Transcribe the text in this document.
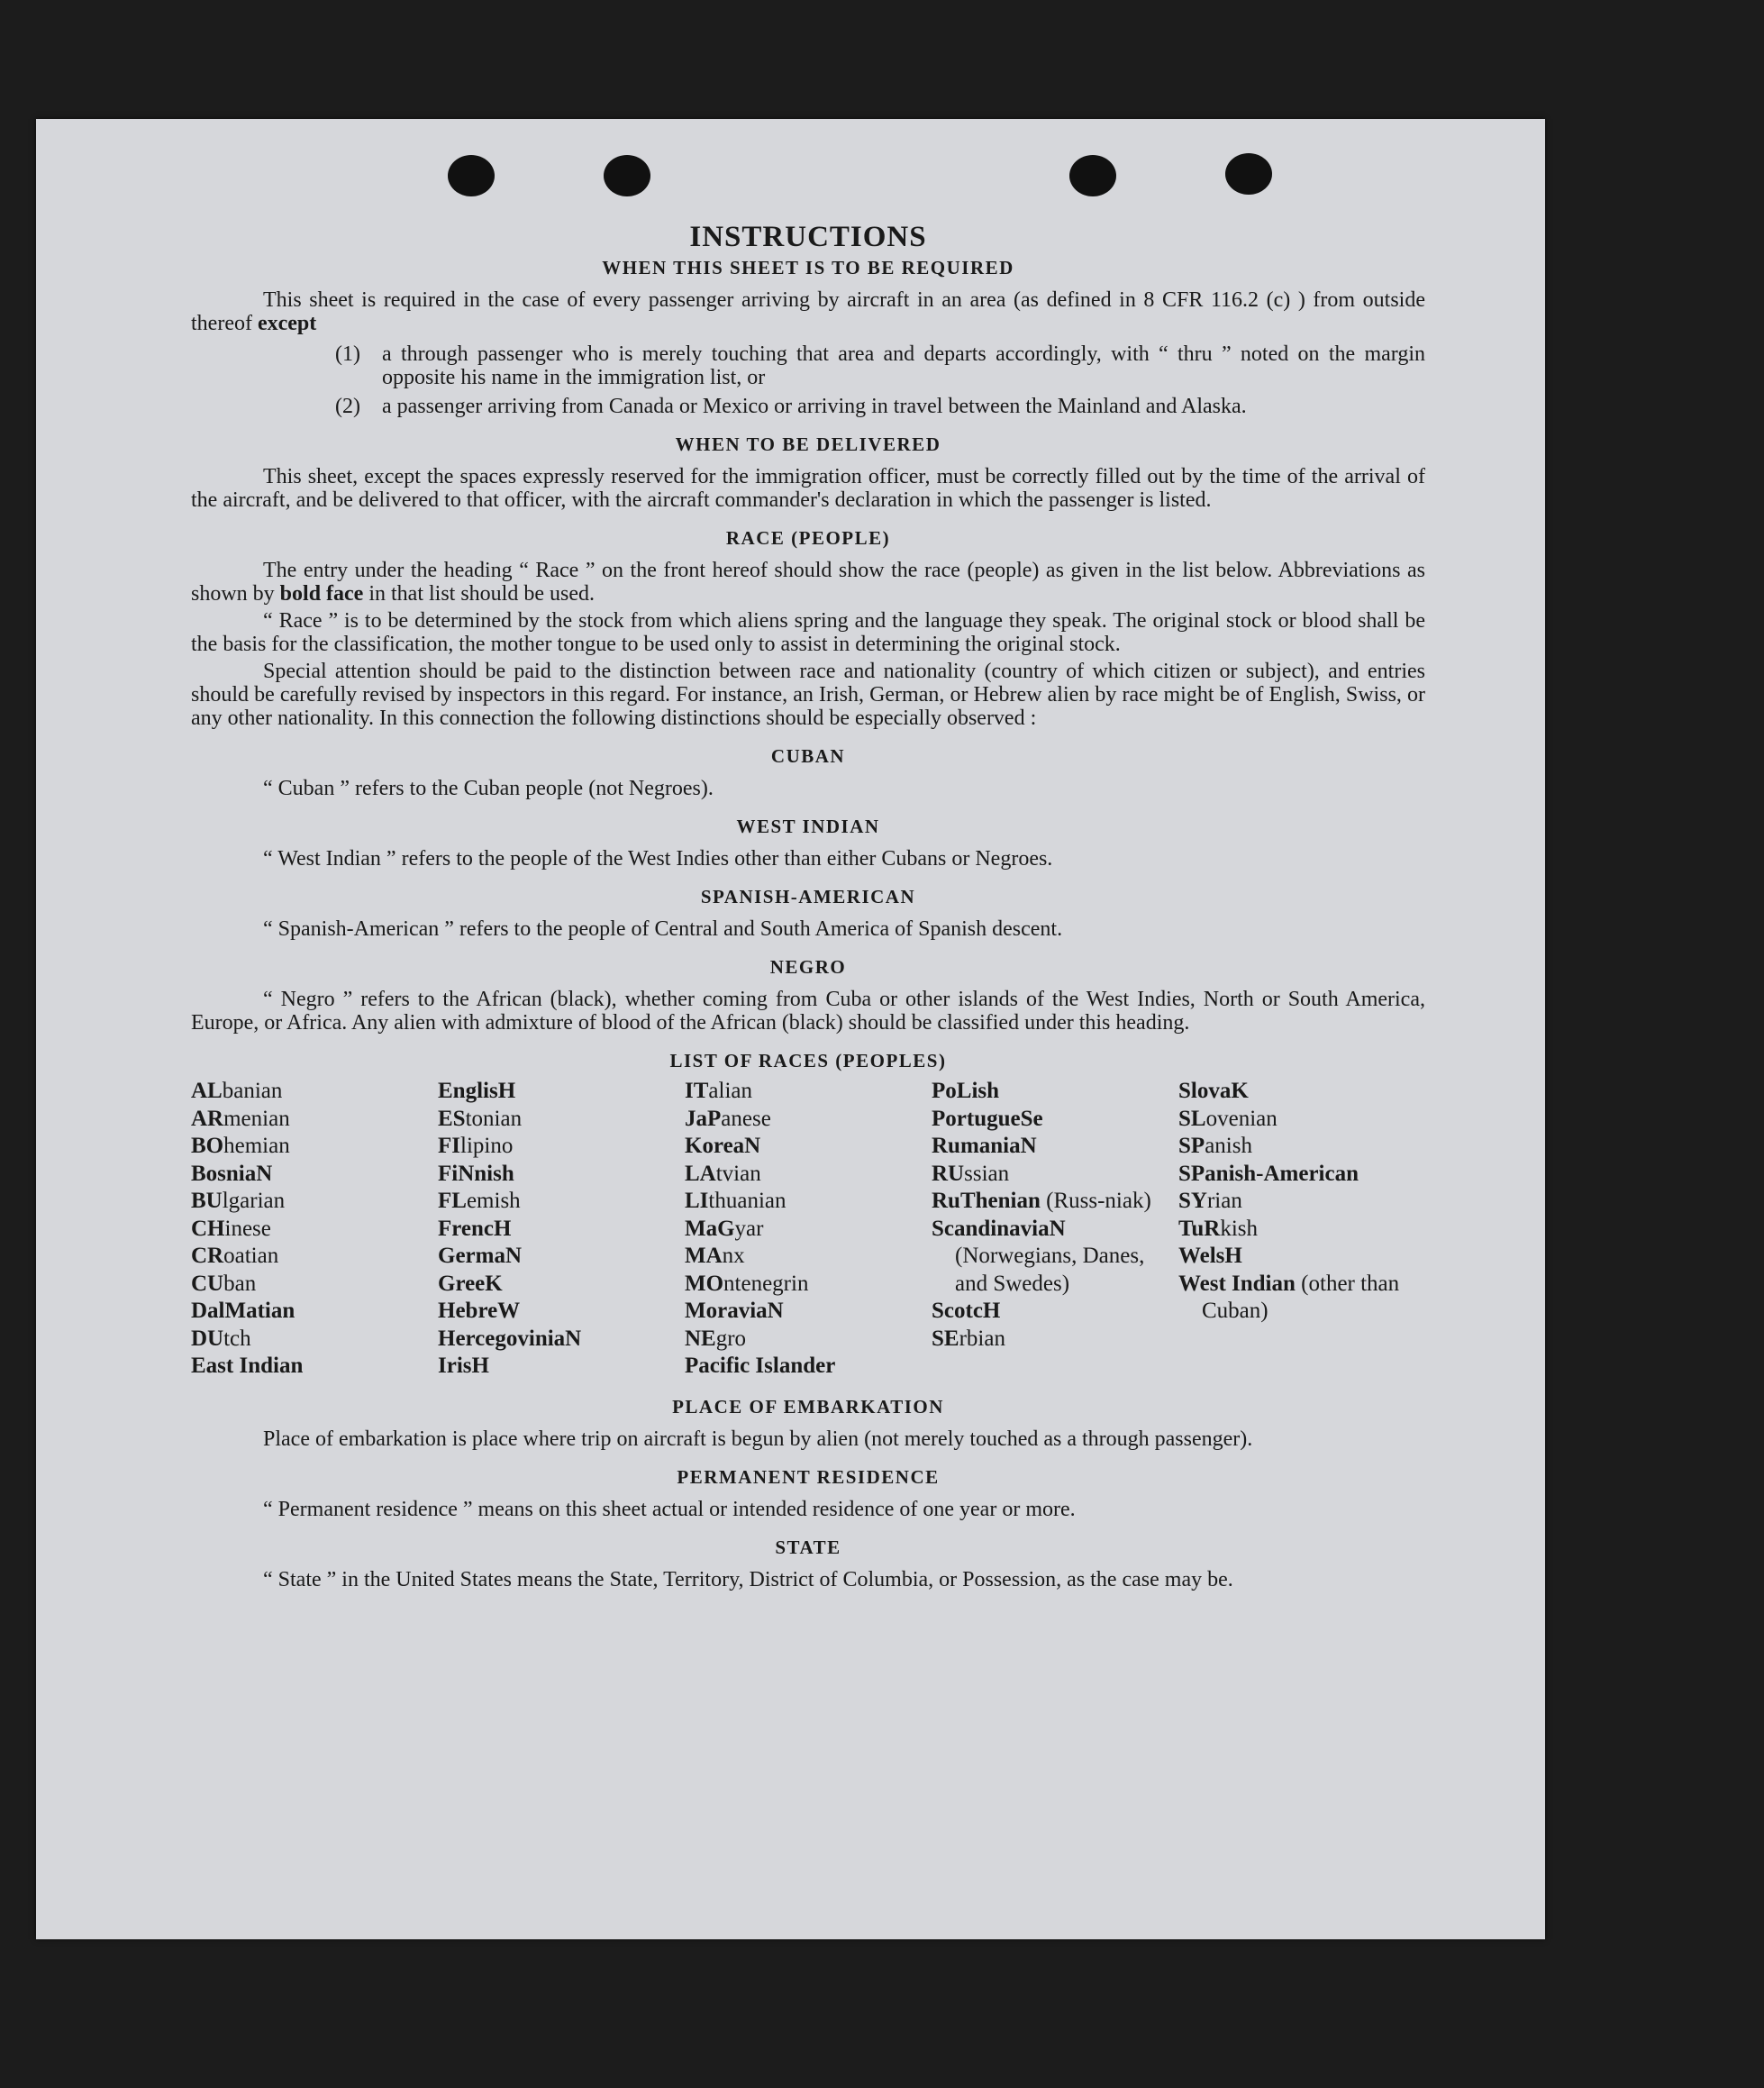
INSTRUCTIONS
WHEN THIS SHEET IS TO BE REQUIRED

This sheet is required in the case of every passenger arriving by aircraft in an area (as defined in 8 CFR 116.2 (c) ) from outside thereof except

(1)	a through passenger who is merely touching that area and departs accordingly, with “ thru ” noted on the margin opposite his name in the immigration list, or
(2)	a passenger arriving from Canada or Mexico or arriving in travel between the Mainland and Alaska.
WHEN TO BE DELIVERED

This sheet, except the spaces expressly reserved for the immigration officer, must be correctly filled out by the time of the arrival of the aircraft, and be delivered to that officer, with the aircraft commander's declaration in which the passenger is listed.

RACE (PEOPLE)

The entry under the heading “ Race ” on the front hereof should show the race (people) as given in the list below. Abbreviations as shown by bold face in that list should be used.

“ Race ” is to be determined by the stock from which aliens spring and the language they speak. The original stock or blood shall be the basis for the classification, the mother tongue to be used only to assist in determining the original stock.

Special attention should be paid to the distinction between race and nationality (country of which citizen or subject), and entries should be carefully revised by inspectors in this regard. For instance, an Irish, German, or Hebrew alien by race might be of English, Swiss, or any other nationality. In this connection the following distinctions should be especially observed :

CUBAN

“ Cuban ” refers to the Cuban people (not Negroes).

WEST INDIAN

“ West Indian ” refers to the people of the West Indies other than either Cubans or Negroes.

SPANISH-AMERICAN

“ Spanish-American ” refers to the people of Central and South America of Spanish descent.

NEGRO

“ Negro ” refers to the African (black), whether coming from Cuba or other islands of the West Indies, North or South America, Europe, or Africa. Any alien with admixture of blood of the African (black) should be classified under this heading.

LIST OF RACES (PEOPLES)
ALbanian
ARmenian
BOhemian
BosniaN
BUlgarian
CHinese
CRoatian
CUban
DalMatian
DUtch
East Indian
EnglisH
EStonian
FIlipino
FiNnish
FLemish
FrencH
GermaN
GreeK
HebreW
HercegoviniaN
IrisH
ITalian
JaPanese
KoreaN
LAtvian
LIthuanian
MaGyar
MAnx
MOntenegrin
MoraviaN
NEgro
Pacific Islander
PoLish
PortugueSe
RumaniaN
RUssian
RuThenian (Russ-niak)
ScandinaviaN (Norwegians, Danes, and Swedes)
ScotcH
SErbian
SlovaK
SLovenian
SPanish
SPanish-American
SYrian
TuRkish
WelsH
West Indian (other than Cuban)
PLACE OF EMBARKATION

Place of embarkation is place where trip on aircraft is begun by alien (not merely touched as a through passenger).

PERMANENT RESIDENCE

“ Permanent residence ” means on this sheet actual or intended residence of one year or more.

STATE

“ State ” in the United States means the State, Territory, District of Columbia, or Possession, as the case may be.
